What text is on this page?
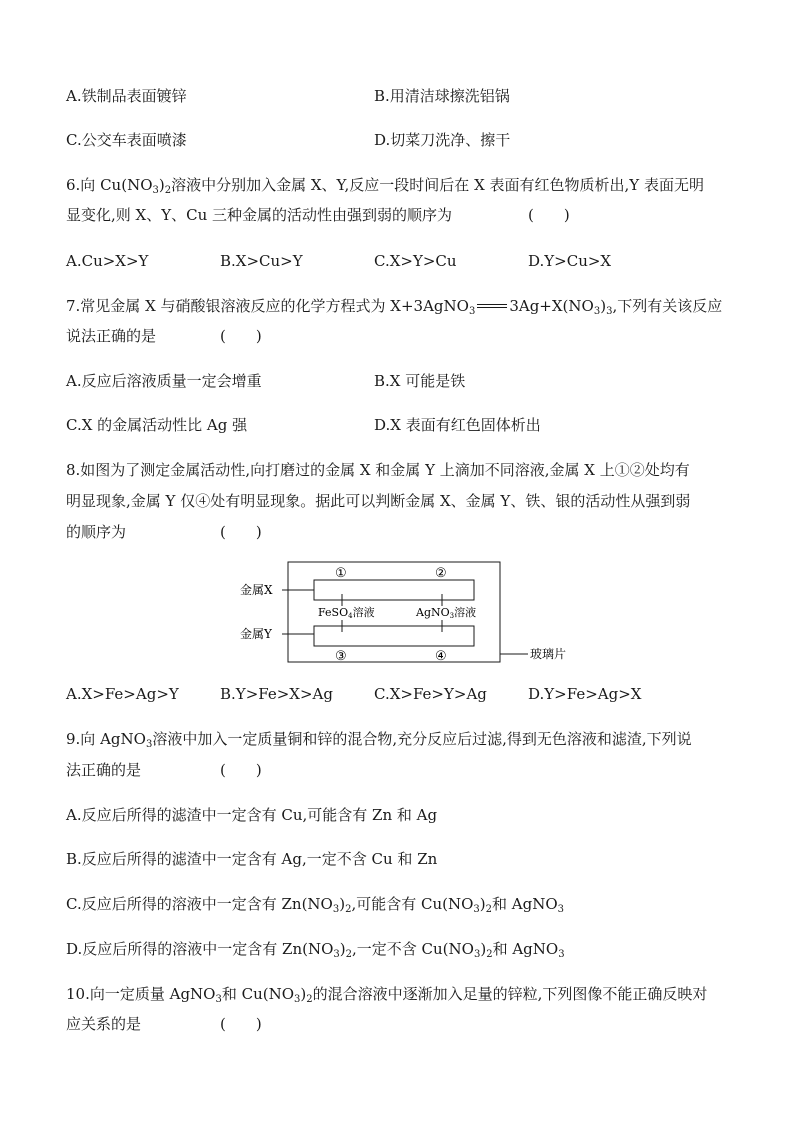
A.铁制品表面镀锌	B.用清洁球擦洗铝锅
C.公交车表面喷漆	D.切菜刀洗净、擦干
6.向 $Cu(NO_3)_2$溶液中分别加入金属 X、Y,反应一段时间后在 X 表面有红色物质析出,Y 表面无明
显变化,则 X、Y、Cu 三种金属的活动性由强到弱的顺序为	(　　)
A.Cu>X>Y	B.X>Cu>Y	C.X>Y>Cu	D.Y>Cu>X
7.常见金属 X 与硝酸银溶液反应的化学方程式为 X+3AgNO$_3$ $3Ag+X(NO_3)_3$,下列有关该反应
说法正确的是	(　　)
A.反应后溶液质量一定会增重	B.X 可能是铁
C.X 的金属活动性比 Ag 强	D.X 表面有红色固体析出
8.如图为了测定金属活动性,向打磨过的金属 X 和金属 Y 上滴加不同溶液,金属 X 上①②处均有
明显现象,金属 Y 仅④处有明显现象。据此可以判断金属 X、金属 Y、铁、银的活动性从强到弱
的顺序为	(　　)
金属X
金属Y
①	②
③	④
FeSO4溶液	AgNO3溶液
玻璃片
A.X>Fe>Ag>Y	B.Y>Fe>X>Ag	C.X>Fe>Y>Ag	D.Y>Fe>Ag>X
9.向 AgNO$_3$溶液中加入一定质量铜和锌的混合物,充分反应后过滤,得到无色溶液和滤渣,下列说
法正确的是	(　　)
A.反应后所得的滤渣中一定含有 Cu,可能含有 Zn 和 Ag
B.反应后所得的滤渣中一定含有 Ag,一定不含 Cu 和 Zn
C.反应后所得的溶液中一定含有 $Zn(NO_3)_2$,可能含有 $Cu(NO_3)_2$和 AgNO$_3$
D.反应后所得的溶液中一定含有 $Zn(NO_3)_2$,一定不含 $Cu(NO_3)_2$和 AgNO$_3$
10.向一定质量 AgNO$_3$和 $Cu(NO_3)_2$的混合溶液中逐渐加入足量的锌粒,下列图像不能正确反映对
应关系的是	(　　)
